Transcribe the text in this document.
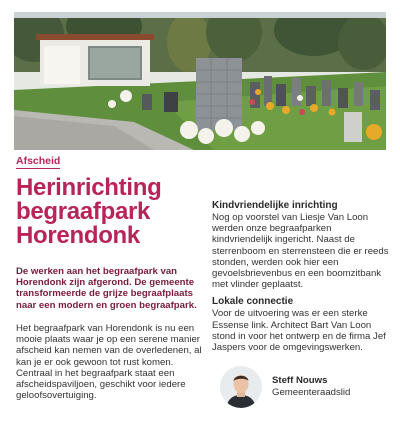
Afscheid
Herinrichting begraafpark Horendonk

De werken aan het begraafpark van Horendonk zijn afgerond. De gemeente transformeerde de grijze begraafplaats naar een modern en groen begraafpark.

Het begraafpark van Horendonk is nu een mooie plaats waar je op een serene manier afscheid kan nemen van de overledenen, al kan je er ook gewoon tot rust komen. Centraal in het begraafpark staat een afscheidspaviljoen, geschikt voor iedere geloofsovertuiging.

Kindvriendelijke inrichting

Nog op voorstel van Liesje Van Loon werden onze begraafparken kindvriendelijk ingericht. Naast de sterrenboom en sterrensteen die er reeds stonden, werden ook hier een gevoelsbrievenbus en een boomzitbank met vlinder geplaatst.

Lokale connectie

Voor de uitvoering was er een sterke Essense link. Architect Bart Van Loon stond in voor het ontwerp en de firma Jef Jaspers voor de omgevingswerken.

Steff Nouws
Gemeenteraadslid
